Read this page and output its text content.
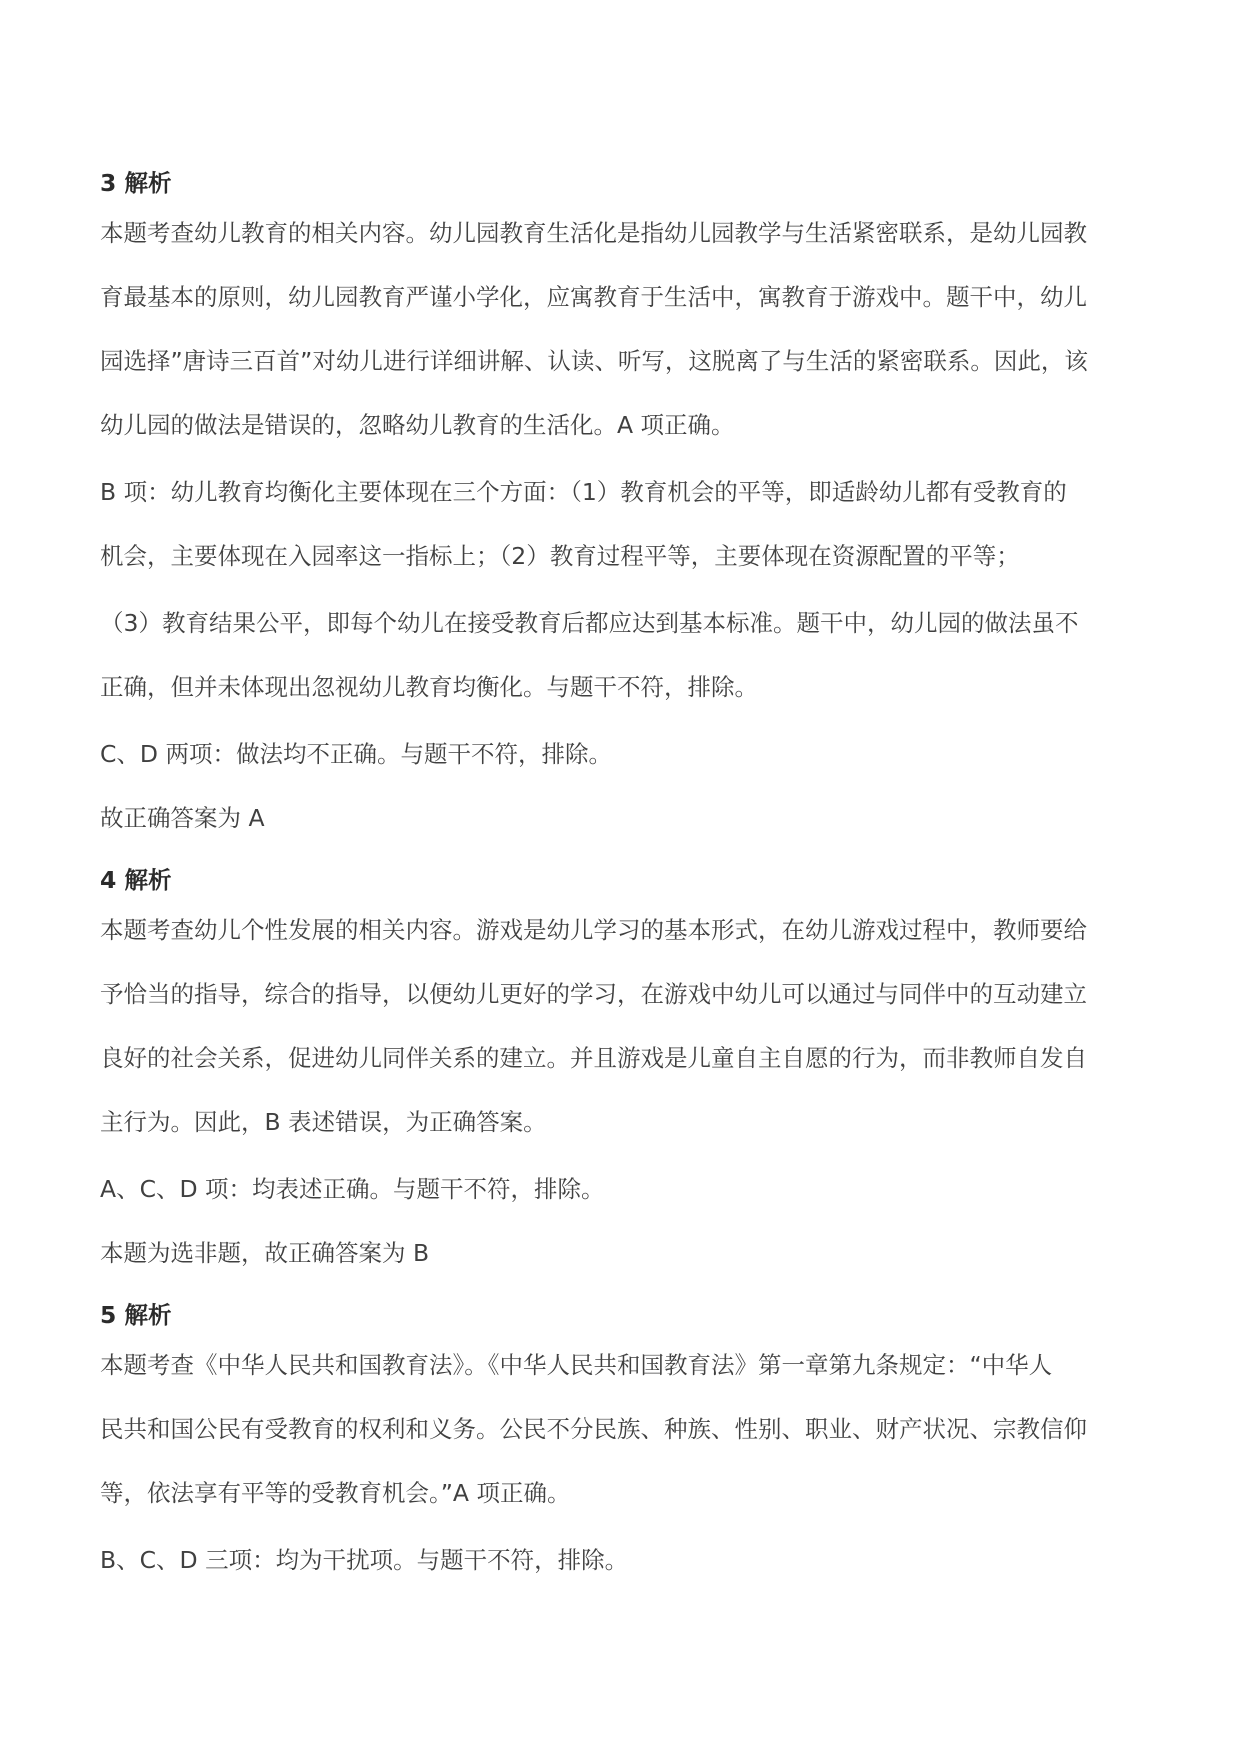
3 解析
本题考查幼儿教育的相关内容。幼儿园教育生活化是指幼儿园教学与生活紧密联系，是幼儿园教
育最基本的原则，幼儿园教育严谨小学化，应寓教育于生活中，寓教育于游戏中。题干中，幼儿
园选择”唐诗三百首”对幼儿进行详细讲解、认读、听写，这脱离了与生活的紧密联系。因此，该
幼儿园的做法是错误的，忽略幼儿教育的生活化。A 项正确。
B 项：幼儿教育均衡化主要体现在三个方面：（1）教育机会的平等，即适龄幼儿都有受教育的
机会，主要体现在入园率这一指标上；（2）教育过程平等，主要体现在资源配置的平等；
（3）教育结果公平，即每个幼儿在接受教育后都应达到基本标准。题干中，幼儿园的做法虽不
正确，但并未体现出忽视幼儿教育均衡化。与题干不符，排除。
C、D 两项：做法均不正确。与题干不符，排除。
故正确答案为 A
4 解析
本题考查幼儿个性发展的相关内容。游戏是幼儿学习的基本形式，在幼儿游戏过程中，教师要给
予恰当的指导，综合的指导，以便幼儿更好的学习，在游戏中幼儿可以通过与同伴中的互动建立
良好的社会关系，促进幼儿同伴关系的建立。并且游戏是儿童自主自愿的行为，而非教师自发自
主行为。因此，B 表述错误，为正确答案。
A、C、D 项：均表述正确。与题干不符，排除。
本题为选非题，故正确答案为 B
5 解析
本题考查《中华人民共和国教育法》。《中华人民共和国教育法》第一章第九条规定：“中华人
民共和国公民有受教育的权利和义务。公民不分民族、种族、性别、职业、财产状况、宗教信仰
等，依法享有平等的受教育机会。”A 项正确。
B、C、D 三项：均为干扰项。与题干不符，排除。
